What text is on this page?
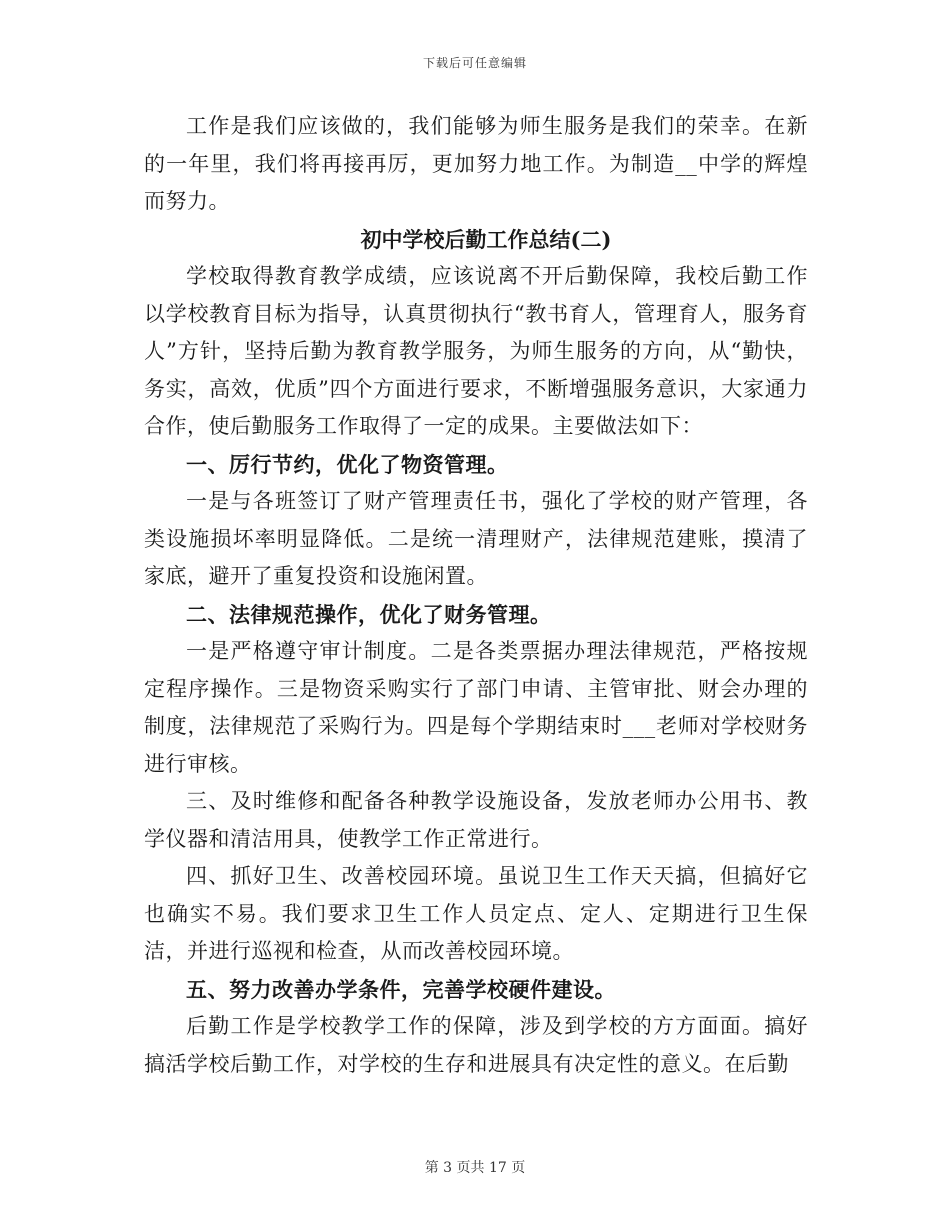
下载后可任意编辑

工作是我们应该做的，我们能够为师生服务是我们的荣幸。在新的一年里，我们将再接再厉，更加努力地工作。为制造__中学的辉煌而努力。

初中学校后勤工作总结(二)

学校取得教育教学成绩，应该说离不开后勤保障，我校后勤工作以学校教育目标为指导，认真贯彻执行“教书育人，管理育人，服务育人”方针，坚持后勤为教育教学服务，为师生服务的方向，从“勤快，务实，高效，优质”四个方面进行要求，不断增强服务意识，大家通力合作，使后勤服务工作取得了一定的成果。主要做法如下：

一、厉行节约，优化了物资管理。

一是与各班签订了财产管理责任书，强化了学校的财产管理，各类设施损坏率明显降低。二是统一清理财产，法律规范建账，摸清了家底，避开了重复投资和设施闲置。

二、法律规范操作，优化了财务管理。

一是严格遵守审计制度。二是各类票据办理法律规范，严格按规定程序操作。三是物资采购实行了部门申请、主管审批、财会办理的制度，法律规范了采购行为。四是每个学期结束时___老师对学校财务进行审核。

三、及时维修和配备各种教学设施设备，发放老师办公用书、教学仪器和清洁用具，使教学工作正常进行。

四、抓好卫生、改善校园环境。虽说卫生工作天天搞，但搞好它也确实不易。我们要求卫生工作人员定点、定人、定期进行卫生保洁，并进行巡视和检查，从而改善校园环境。

五、努力改善办学条件，完善学校硬件建设。

后勤工作是学校教学工作的保障，涉及到学校的方方面面。搞好搞活学校后勤工作，对学校的生存和进展具有决定性的意义。在后勤

第 3 页共 17 页
